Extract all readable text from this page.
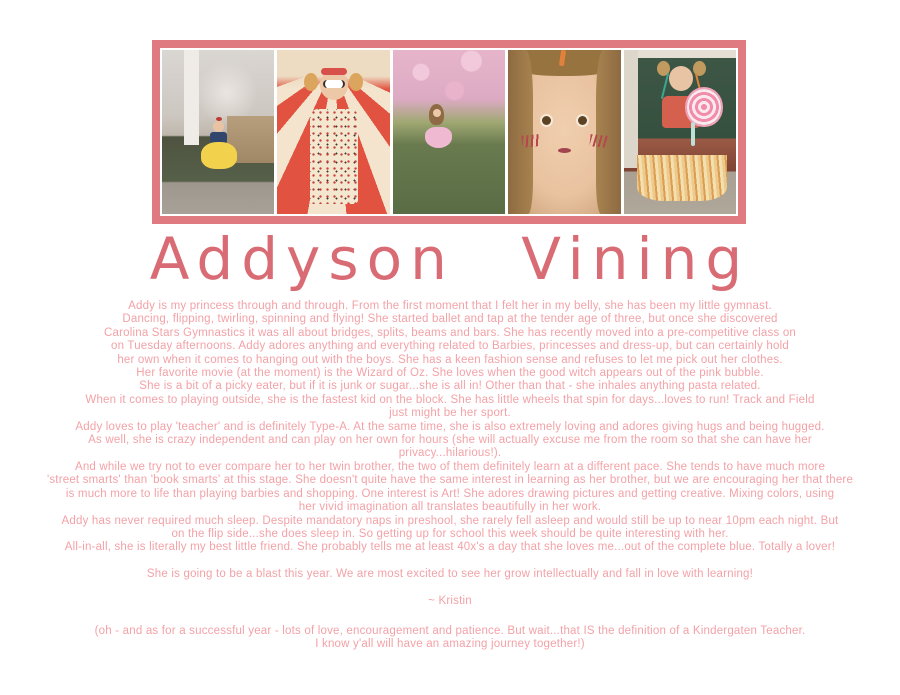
Addyson Vining
Addy is my princess through and through. From the first moment that I felt her in my belly, she has been my little gymnast.
Dancing, flipping, twirling, spinning and flying! She started ballet and tap at the tender age of three, but once she discovered
Carolina Stars Gymnastics it was all about bridges, splits, beams and bars. She has recently moved into a pre-competitive class on
on Tuesday afternoons. Addy adores anything and everything related to Barbies, princesses and dress-up, but can certainly hold
her own when it comes to hanging out with the boys. She has a keen fashion sense and refuses to let me pick out her clothes.
Her favorite movie (at the moment) is the Wizard of Oz. She loves when the good witch appears out of the pink bubble.
She is a bit of a picky eater, but if it is junk or sugar...she is all in! Other than that - she inhales anything pasta related.
When it comes to playing outside, she is the fastest kid on the block. She has little wheels that spin for days...loves to run! Track and Field
just might be her sport.
Addy loves to play 'teacher' and is definitely Type-A. At the same time, she is also extremely loving and adores giving hugs and being hugged.
As well, she is crazy independent and can play on her own for hours (she will actually excuse me from the room so that she can have her
privacy...hilarious!).
And while we try not to ever compare her to her twin brother, the two of them definitely learn at a different pace. She tends to have much more
'street smarts' than 'book smarts' at this stage. She doesn't quite have the same interest in learning as her brother, but we are encouraging her that there
is much more to life than playing barbies and shopping. One interest is Art! She adores drawing pictures and getting creative. Mixing colors, using
her vivid imagination all translates beautifully in her work.
Addy has never required much sleep. Despite mandatory naps in preshool, she rarely fell asleep and would still be up to near 10pm each night. But
on the flip side...she does sleep in. So getting up for school this week should be quite interesting with her.
All-in-all, she is literally my best little friend. She probably tells me at least 40x's a day that she loves me...out of the complete blue. Totally a lover!
She is going to be a blast this year. We are most excited to see her grow intellectually and fall in love with learning!
~ Kristin
(oh - and as for a successful year - lots of love, encouragement and patience. But wait...that IS the definition of a Kindergaten Teacher.
I know y'all will have an amazing journey together!)
